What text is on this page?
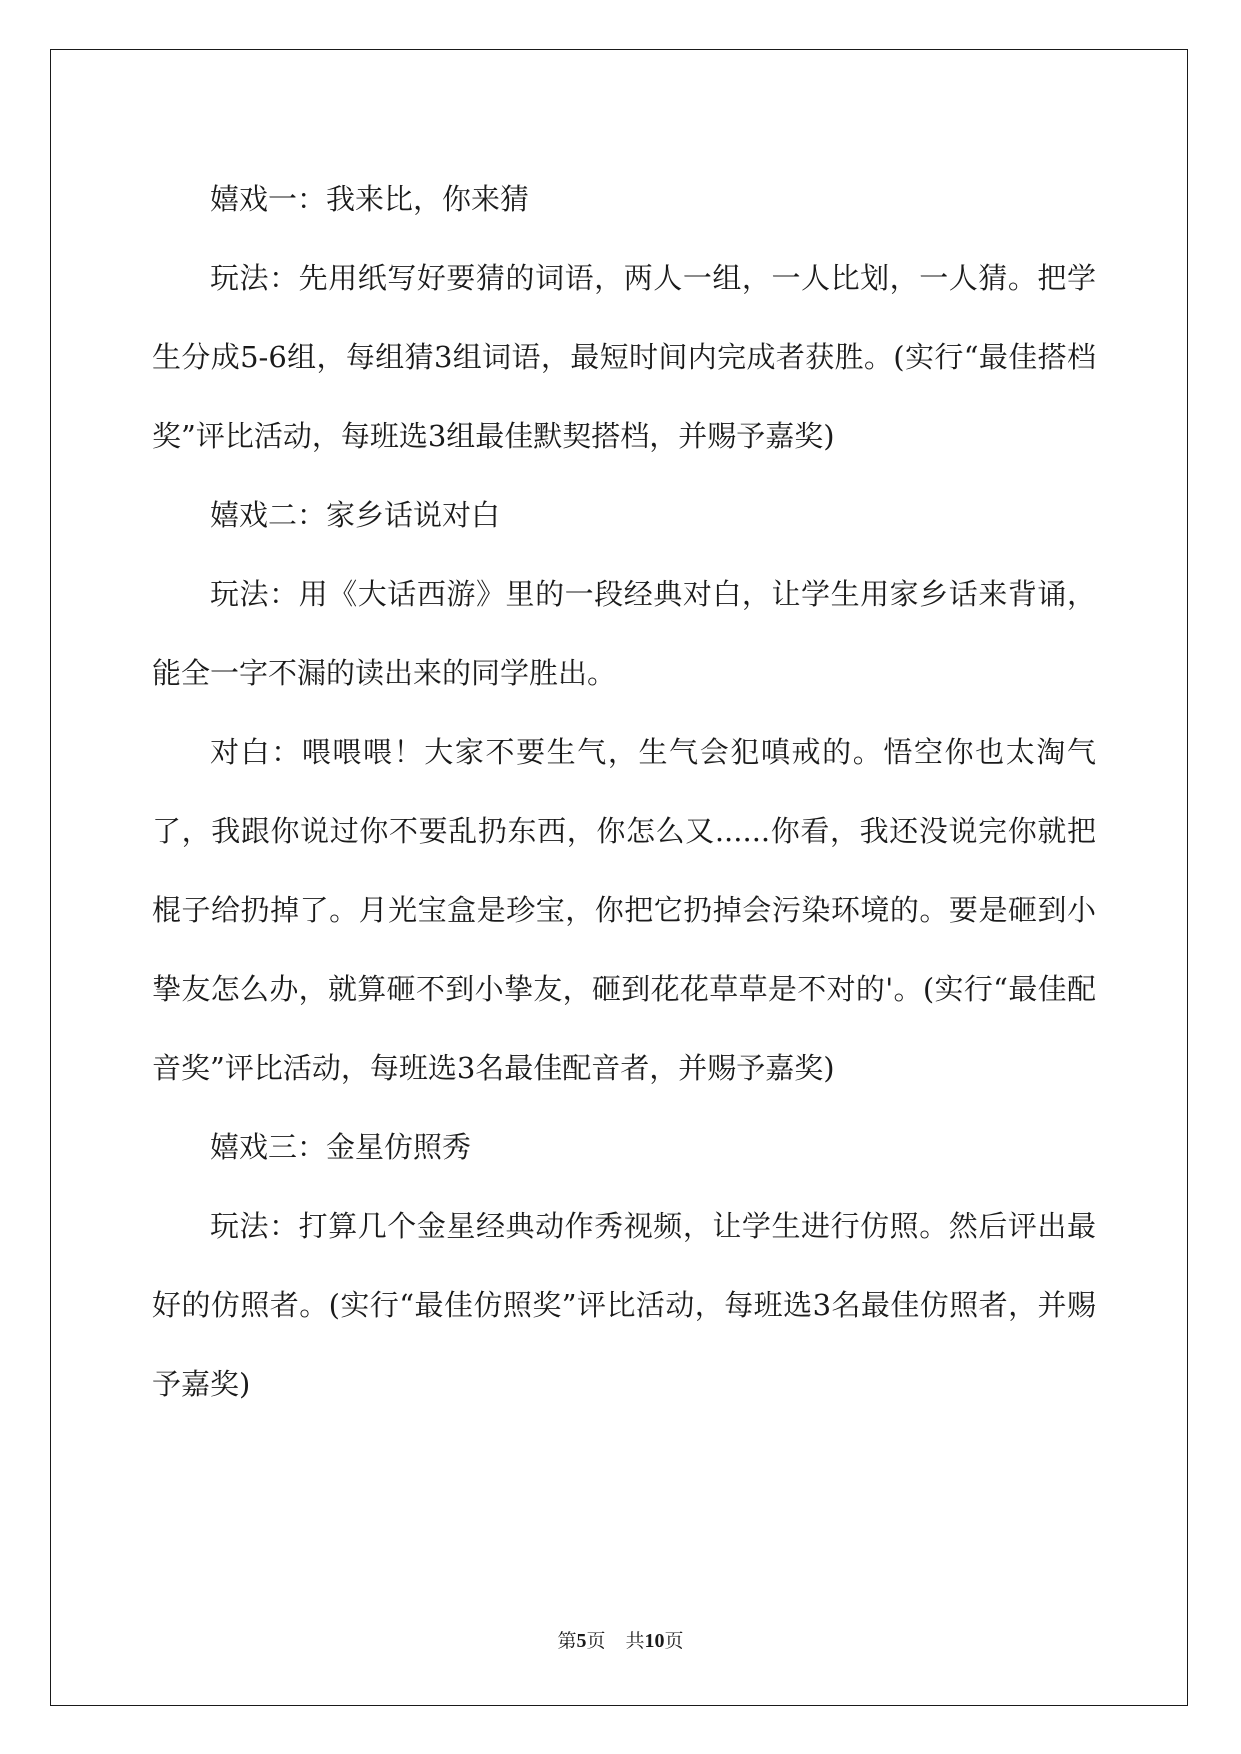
嬉戏一：我来比，你来猜

玩法：先用纸写好要猜的词语，两人一组，一人比划，一人猜。把学生分成5-6组，每组猜3组词语，最短时间内完成者获胜。(实行“最佳搭档奖”评比活动，每班选3组最佳默契搭档，并赐予嘉奖)

嬉戏二：家乡话说对白

玩法：用《大话西游》里的一段经典对白，让学生用家乡话来背诵，能全一字不漏的读出来的同学胜出。

对白：喂喂喂！大家不要生气，生气会犯嗔戒的。悟空你也太淘气了，我跟你说过你不要乱扔东西，你怎么又......你看，我还没说完你就把棍子给扔掉了。月光宝盒是珍宝，你把它扔掉会污染环境的。要是砸到小挚友怎么办，就算砸不到小挚友，砸到花花草草是不对的'。(实行“最佳配音奖”评比活动，每班选3名最佳配音者，并赐予嘉奖)

嬉戏三：金星仿照秀

玩法：打算几个金星经典动作秀视频，让学生进行仿照。然后评出最好的仿照者。(实行“最佳仿照奖”评比活动，每班选3名最佳仿照者，并赐予嘉奖)

第5页 共10页
